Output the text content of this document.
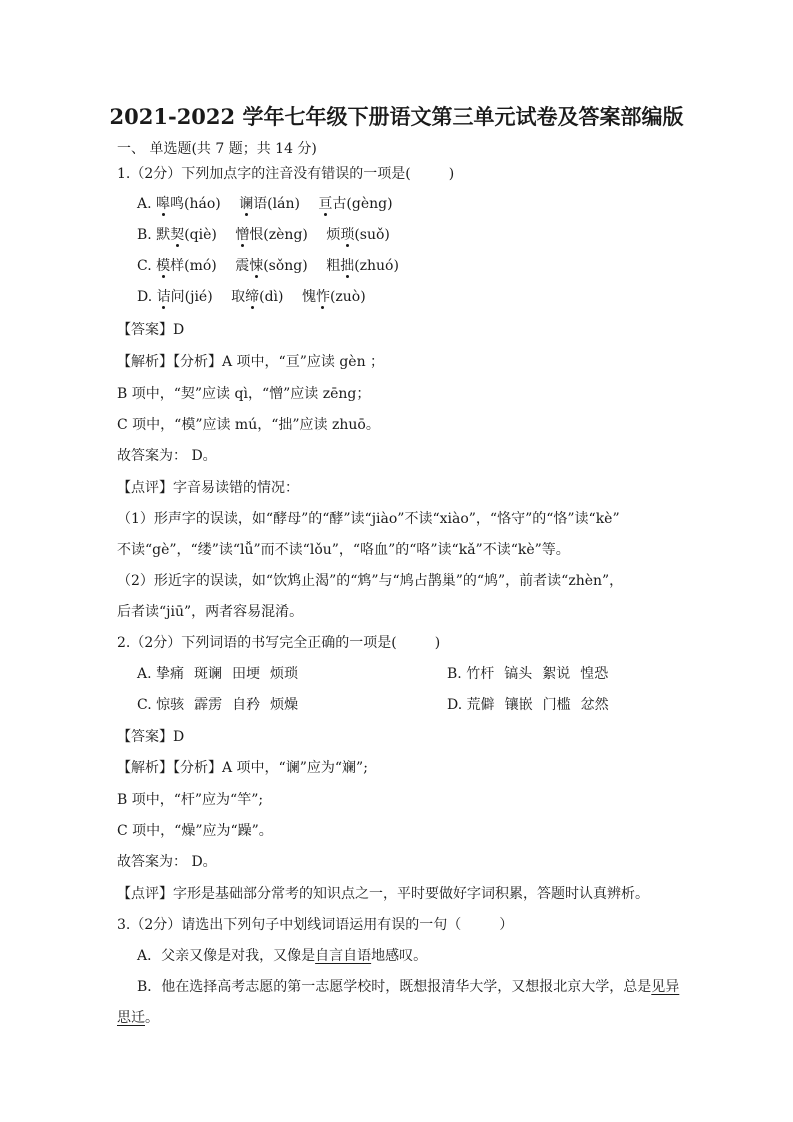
2021-2022 学年七年级下册语文第三单元试卷及答案部编版
一、 单选题(共 7 题；共 14 分)
1.（2分）下列加点字的注音没有错误的一项是(	)
A. 嗥鸣(háo) 谰语(lán) 亘古(gèng)
B. 默契(qiè) 憎恨(zèng) 烦琐(suǒ)
C. 模样(mó) 震悚(sǒng) 粗拙(zhuó)
D. 诘问(jié) 取缔(dì) 愧怍(zuò)
【答案】D
【解析】【分析】A 项中，“亘”应读 gèn ；
B 项中，“契”应读 qì，“憎”应读 zēng；
C 项中，“模”应读 mú，“拙”应读 zhuō。
故答案为： D。
【点评】字音易读错的情况：
（1）形声字的误读，如“酵母”的“酵”读“jiào”不读“xiào”，“恪守”的“恪”读“kè”
不读“gè”，“缕”读“lǚ”而不读“lǒu”，“咯血”的“咯”读“kǎ”不读“kè”等。
（2）形近字的误读，如“饮鸩止渴”的“鸩”与“鸠占鹊巢”的“鸠”，前者读“zhèn”，
后者读“jiū”，两者容易混淆。
2.（2分）下列词语的书写完全正确的一项是(	)
A. 挚痛 斑谰 田埂 烦琐	B. 竹杆 镐头 絮说 惶恐
C. 惊骇 霹雳 自矜 烦燥	D. 荒僻 镶嵌 门槛 忿然
【答案】D
【解析】【分析】A 项中，“谰”应为“斓”;
B 项中，“杆”应为“竿”;
C 项中，“燥”应为“躁”。
故答案为： D。
【点评】字形是基础部分常考的知识点之一，平时要做好字词积累，答题时认真辨析。
3.（2分）请选出下列句子中划线词语运用有误的一句（	）
A．父亲又像是对我，又像是自言自语地感叹。
B．他在选择高考志愿的第一志愿学校时，既想报清华大学，又想报北京大学，总是见异
思迁。
